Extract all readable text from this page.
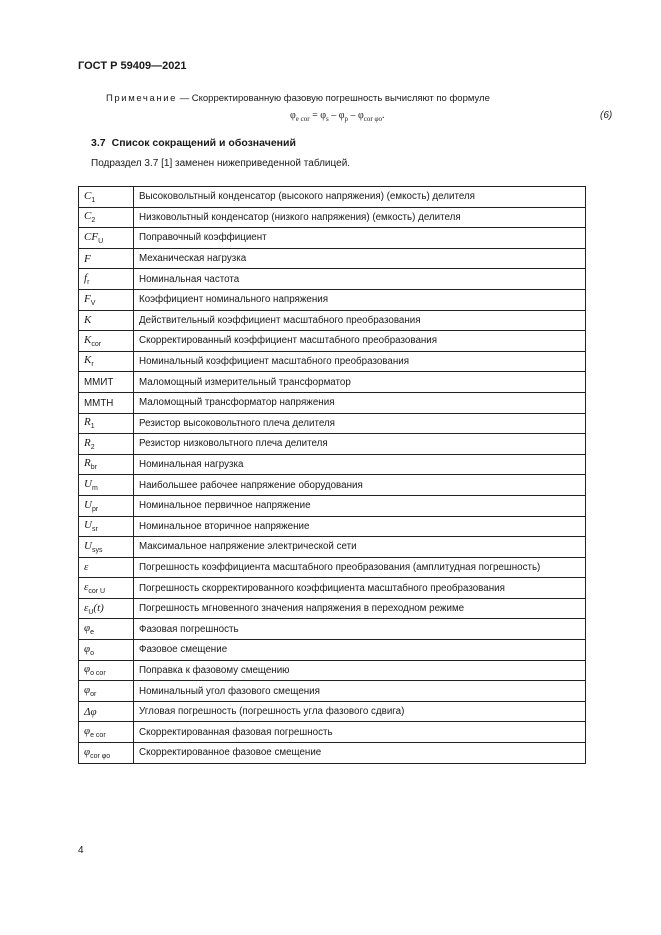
ГОСТ Р 59409—2021
Примечание — Скорректированную фазовую погрешность вычисляют по формуле
$\varphi_{e cor} = \varphi_s - \varphi_p - \varphi_{cor \varphi o}$.	(6)
3.7 Список сокращений и обозначений
Подраздел 3.7 [1] заменен нижеприведенной таблицей.
$C_1$	Высоковольтный конденсатор (высокого напряжения) (емкость) делителя
$C_2$	Низковольтный конденсатор (низкого напряжения) (емкость) делителя
$CF_U$	Поправочный коэффициент
F	Механическая нагрузка
$f_r$	Номинальная частота
$F_V$	Коэффициент номинального напряжения
K	Действительный коэффициент масштабного преобразования
$K_{cor}$	Скорректированный коэффициент масштабного преобразования
$K_r$	Номинальный коэффициент масштабного преобразования
ММИТ	Маломощный измерительный трансформатор
ММТН	Маломощный трансформатор напряжения
$R_1$	Резистор высоковольтного плеча делителя
$R_2$	Резистор низковольтного плеча делителя
$R_{br}$	Номинальная нагрузка
$U_m$	Наибольшее рабочее напряжение оборудования
$U_{pr}$	Номинальное первичное напряжение
$U_{sr}$	Номинальное вторичное напряжение
$U_{sys}$	Максимальное напряжение электрической сети
ε	Погрешность коэффициента масштабного преобразования (амплитудная погрешность)
$\varepsilon_{cor U}$	Погрешность скорректированного коэффициента масштабного преобразования
$\varepsilon_U(t)$	Погрешность мгновенного значения напряжения в переходном режиме
$\varphi_e$	Фазовая погрешность
$\varphi_o$	Фазовое смещение
$\varphi_{o cor}$	Поправка к фазовому смещению
$\varphi_{or}$	Номинальный угол фазового смещения
Δφ	Угловая погрешность (погрешность угла фазового сдвига)
$\varphi_{e cor}$	Скорректированная фазовая погрешность
$\varphi_{cor \varphi o}$	Скорректированное фазовое смещение
4
